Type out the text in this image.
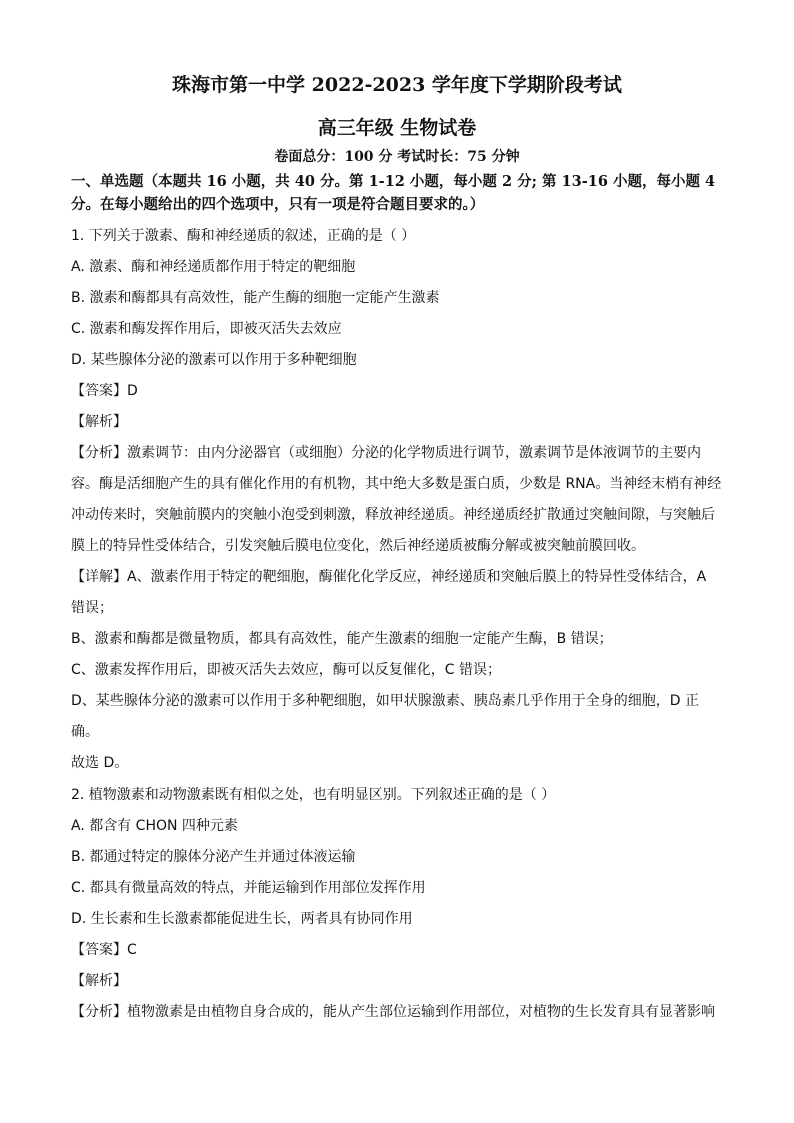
珠海市第一中学 2022-2023 学年度下学期阶段考试
高三年级 生物试卷
卷面总分：100 分 考试时长：75 分钟
一、单选题（本题共 16 小题，共 40 分。第 1-12 小题，每小题 2 分; 第 13-16 小题，每小题 4
分。在每小题给出的四个选项中，只有一项是符合题目要求的。）
1. 下列关于激素、酶和神经递质的叙述，正确的是（ ）
A. 激素、酶和神经递质都作用于特定的靶细胞
B. 激素和酶都具有高效性，能产生酶的细胞一定能产生激素
C. 激素和酶发挥作用后，即被灭活失去效应
D. 某些腺体分泌的激素可以作用于多种靶细胞
【答案】D
【解析】
【分析】激素调节：由内分泌器官（或细胞）分泌的化学物质进行调节，激素调节是体液调节的主要内
容。酶是活细胞产生的具有催化作用的有机物，其中绝大多数是蛋白质，少数是 RNA。当神经末梢有神经
冲动传来时，突触前膜内的突触小泡受到刺激，释放神经递质。神经递质经扩散通过突触间隙，与突触后
膜上的特异性受体结合，引发突触后膜电位变化，然后神经递质被酶分解或被突触前膜回收。
【详解】A、激素作用于特定的靶细胞，酶催化化学反应，神经递质和突触后膜上的特异性受体结合，A
错误；
B、激素和酶都是微量物质，都具有高效性，能产生激素的细胞一定能产生酶，B 错误；
C、激素发挥作用后，即被灭活失去效应，酶可以反复催化，C 错误；
D、某些腺体分泌的激素可以作用于多种靶细胞，如甲状腺激素、胰岛素几乎作用于全身的细胞，D 正
确。
故选 D。
2. 植物激素和动物激素既有相似之处，也有明显区别。下列叙述正确的是（ ）
A. 都含有 CHON 四种元素
B. 都通过特定的腺体分泌产生并通过体液运输
C. 都具有微量高效的特点，并能运输到作用部位发挥作用
D. 生长素和生长激素都能促进生长，两者具有协同作用
【答案】C
【解析】
【分析】植物激素是由植物自身合成的，能从产生部位运输到作用部位，对植物的生长发育具有显著影响
